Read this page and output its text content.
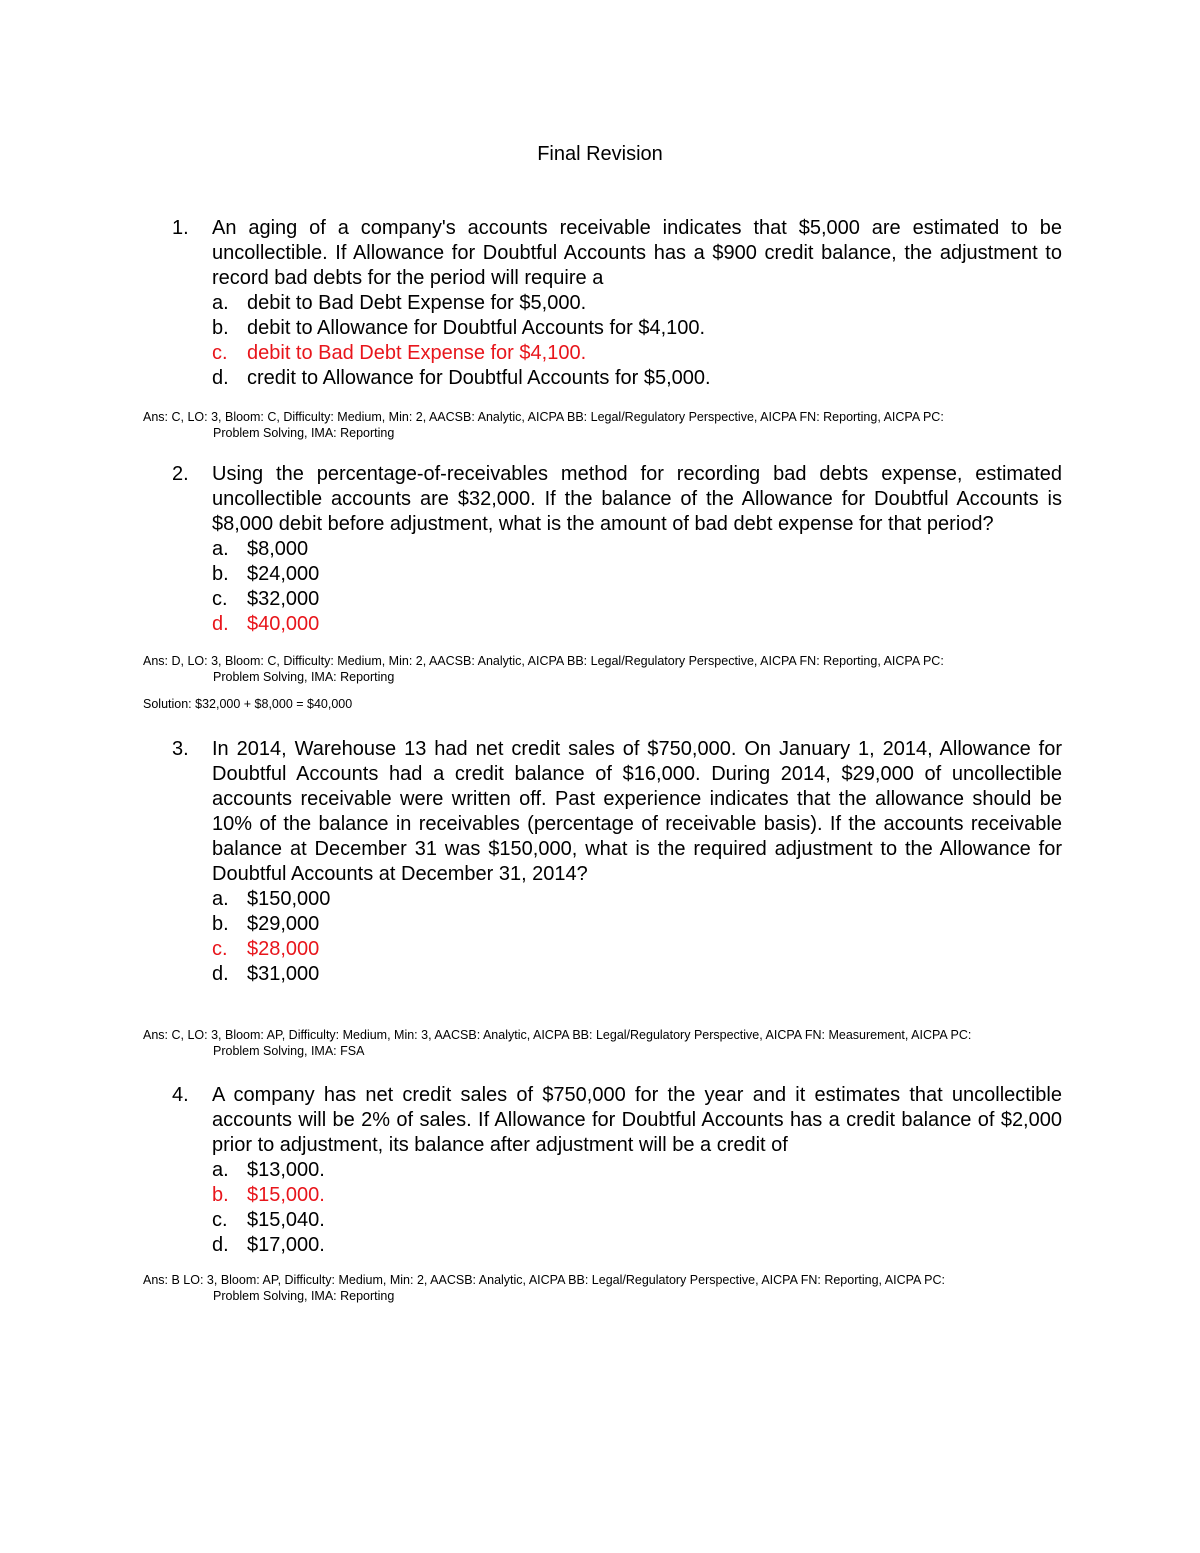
Final Revision
1. An aging of a company's accounts receivable indicates that $5,000 are estimated to be uncollectible. If Allowance for Doubtful Accounts has a $900 credit balance, the adjustment to record bad debts for the period will require a
a. debit to Bad Debt Expense for $5,000.
b. debit to Allowance for Doubtful Accounts for $4,100.
c. debit to Bad Debt Expense for $4,100.
d. credit to Allowance for Doubtful Accounts for $5,000.
Ans: C, LO: 3, Bloom: C, Difficulty: Medium, Min: 2, AACSB: Analytic, AICPA BB: Legal/Regulatory Perspective, AICPA FN: Reporting, AICPA PC:
Problem Solving, IMA: Reporting
2. Using the percentage-of-receivables method for recording bad debts expense, estimated uncollectible accounts are $32,000. If the balance of the Allowance for Doubtful Accounts is $8,000 debit before adjustment, what is the amount of bad debt expense for that period?
a. $8,000
b. $24,000
c. $32,000
d. $40,000
Ans: D, LO: 3, Bloom: C, Difficulty: Medium, Min: 2, AACSB: Analytic, AICPA BB: Legal/Regulatory Perspective, AICPA FN: Reporting, AICPA PC:
Problem Solving, IMA: Reporting
Solution: $32,000 + $8,000 = $40,000
3. In 2014, Warehouse 13 had net credit sales of $750,000. On January 1, 2014, Allowance for Doubtful Accounts had a credit balance of $16,000. During 2014, $29,000 of uncollectible accounts receivable were written off. Past experience indicates that the allowance should be 10% of the balance in receivables (percentage of receivable basis). If the accounts receivable balance at December 31 was $150,000, what is the required adjustment to the Allowance for Doubtful Accounts at December 31, 2014?
a. $150,000
b. $29,000
c. $28,000
d. $31,000
Ans: C, LO: 3, Bloom: AP, Difficulty: Medium, Min: 3, AACSB: Analytic, AICPA BB: Legal/Regulatory Perspective, AICPA FN: Measurement, AICPA PC:
Problem Solving, IMA: FSA
4. A company has net credit sales of $750,000 for the year and it estimates that uncollectible accounts will be 2% of sales. If Allowance for Doubtful Accounts has a credit balance of $2,000 prior to adjustment, its balance after adjustment will be a credit of
a. $13,000.
b. $15,000.
c. $15,040.
d. $17,000.
Ans: B LO: 3, Bloom: AP, Difficulty: Medium, Min: 2, AACSB: Analytic, AICPA BB: Legal/Regulatory Perspective, AICPA FN: Reporting, AICPA PC:
Problem Solving, IMA: Reporting
